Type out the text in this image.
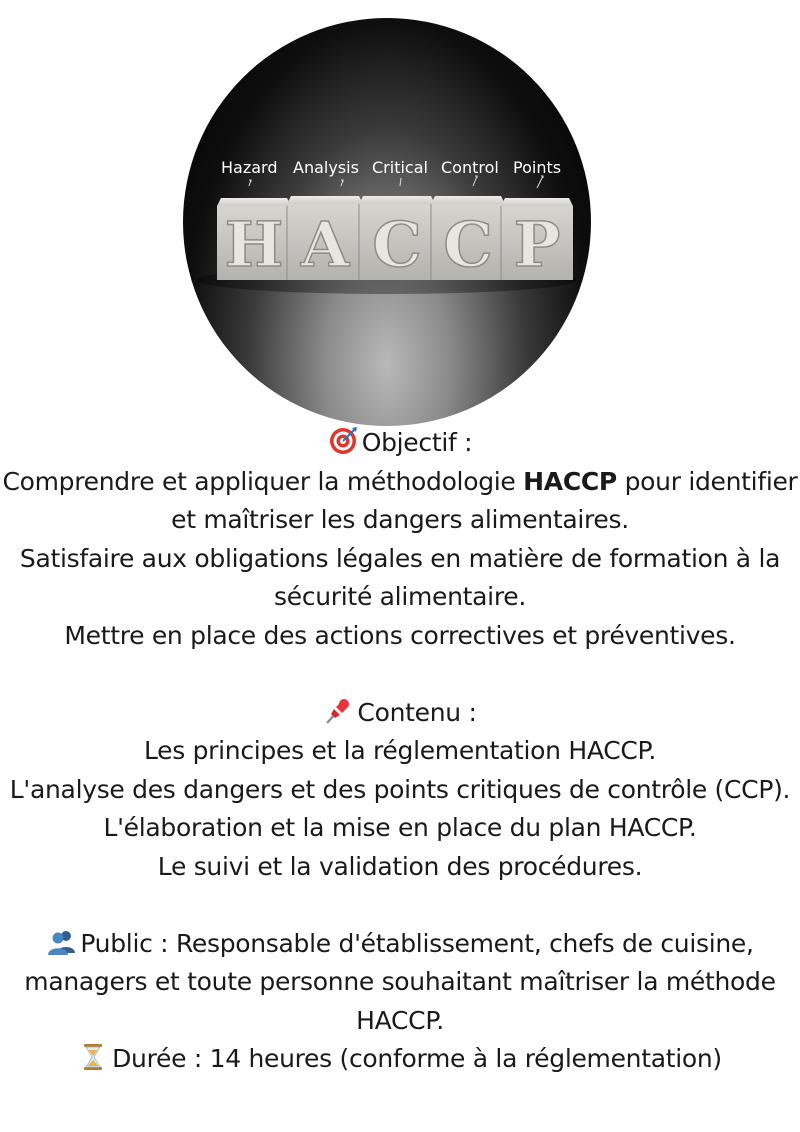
Hazard Analysis Critical Control Points
H A C C P

Objectif :

Comprendre et appliquer la méthodologie HACCP pour identifier

et maîtriser les dangers alimentaires.

Satisfaire aux obligations légales en matière de formation à la

sécurité alimentaire.

Mettre en place des actions correctives et préventives.

Contenu :

Les principes et la réglementation HACCP.

L'analyse des dangers et des points critiques de contrôle (CCP).

L'élaboration et la mise en place du plan HACCP.

Le suivi et la validation des procédures.

Public : Responsable d'établissement, chefs de cuisine,

managers et toute personne souhaitant maîtriser la méthode

HACCP.

Durée : 14 heures (conforme à la réglementation)
